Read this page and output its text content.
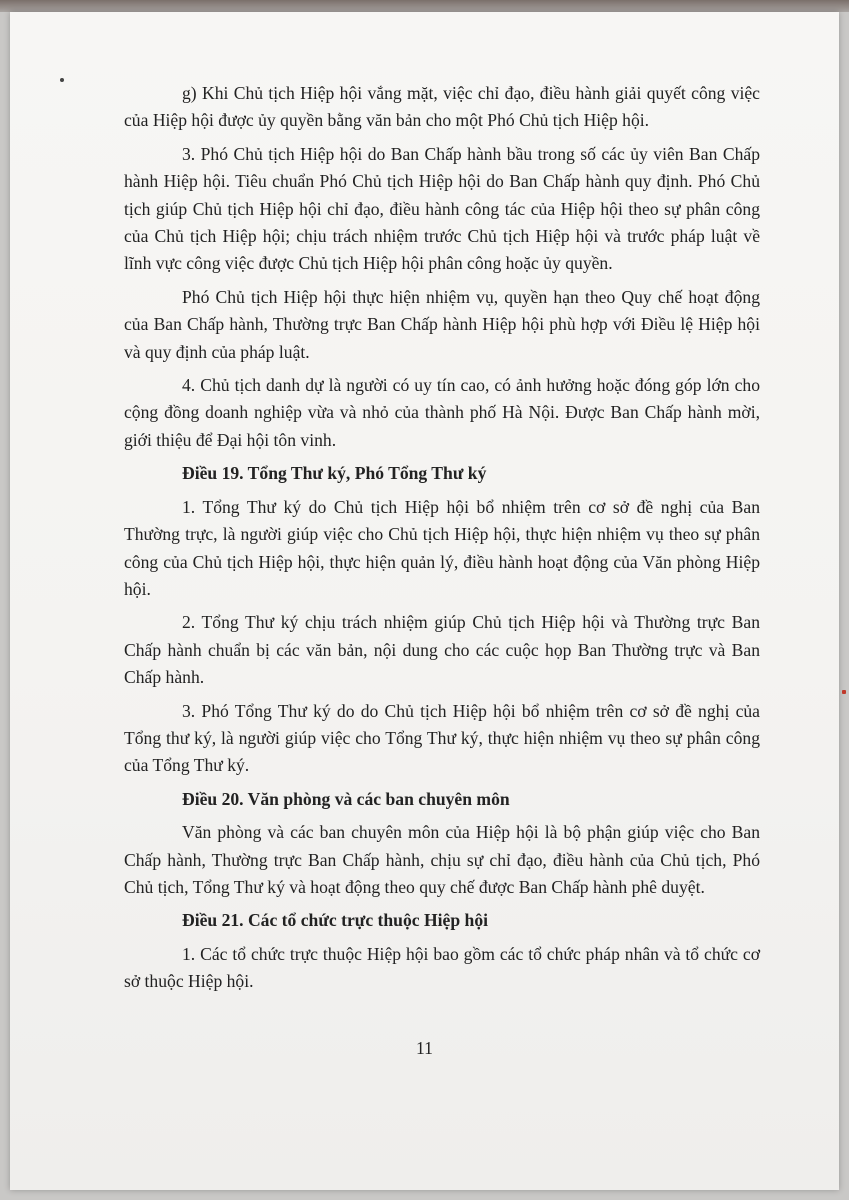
g) Khi Chủ tịch Hiệp hội vắng mặt, việc chỉ đạo, điều hành giải quyết công việc của Hiệp hội được ủy quyền bằng văn bản cho một Phó Chủ tịch Hiệp hội.

3. Phó Chủ tịch Hiệp hội do Ban Chấp hành bầu trong số các ủy viên Ban Chấp hành Hiệp hội. Tiêu chuẩn Phó Chủ tịch Hiệp hội do Ban Chấp hành quy định. Phó Chủ tịch giúp Chủ tịch Hiệp hội chỉ đạo, điều hành công tác của Hiệp hội theo sự phân công của Chủ tịch Hiệp hội; chịu trách nhiệm trước Chủ tịch Hiệp hội và trước pháp luật về lĩnh vực công việc được Chủ tịch Hiệp hội phân công hoặc ủy quyền.

Phó Chủ tịch Hiệp hội thực hiện nhiệm vụ, quyền hạn theo Quy chế hoạt động của Ban Chấp hành, Thường trực Ban Chấp hành Hiệp hội phù hợp với Điều lệ Hiệp hội và quy định của pháp luật.

4. Chủ tịch danh dự là người có uy tín cao, có ảnh hưởng hoặc đóng góp lớn cho cộng đồng doanh nghiệp vừa và nhỏ của thành phố Hà Nội. Được Ban Chấp hành mời, giới thiệu để Đại hội tôn vinh.

Điều 19. Tổng Thư ký, Phó Tổng Thư ký

1. Tổng Thư ký do Chủ tịch Hiệp hội bổ nhiệm trên cơ sở đề nghị của Ban Thường trực, là người giúp việc cho Chủ tịch Hiệp hội, thực hiện nhiệm vụ theo sự phân công của Chủ tịch Hiệp hội, thực hiện quản lý, điều hành hoạt động của Văn phòng Hiệp hội.

2. Tổng Thư ký chịu trách nhiệm giúp Chủ tịch Hiệp hội và Thường trực Ban Chấp hành chuẩn bị các văn bản, nội dung cho các cuộc họp Ban Thường trực và Ban Chấp hành.

3. Phó Tổng Thư ký do do Chủ tịch Hiệp hội bổ nhiệm trên cơ sở đề nghị của Tổng thư ký, là người giúp việc cho Tổng Thư ký, thực hiện nhiệm vụ theo sự phân công của Tổng Thư ký.

Điều 20. Văn phòng và các ban chuyên môn

Văn phòng và các ban chuyên môn của Hiệp hội là bộ phận giúp việc cho Ban Chấp hành, Thường trực Ban Chấp hành, chịu sự chỉ đạo, điều hành của Chủ tịch, Phó Chủ tịch, Tổng Thư ký và hoạt động theo quy chế được Ban Chấp hành phê duyệt.

Điều 21. Các tổ chức trực thuộc Hiệp hội

1. Các tổ chức trực thuộc Hiệp hội bao gồm các tổ chức pháp nhân và tổ chức cơ sở thuộc Hiệp hội.

11
